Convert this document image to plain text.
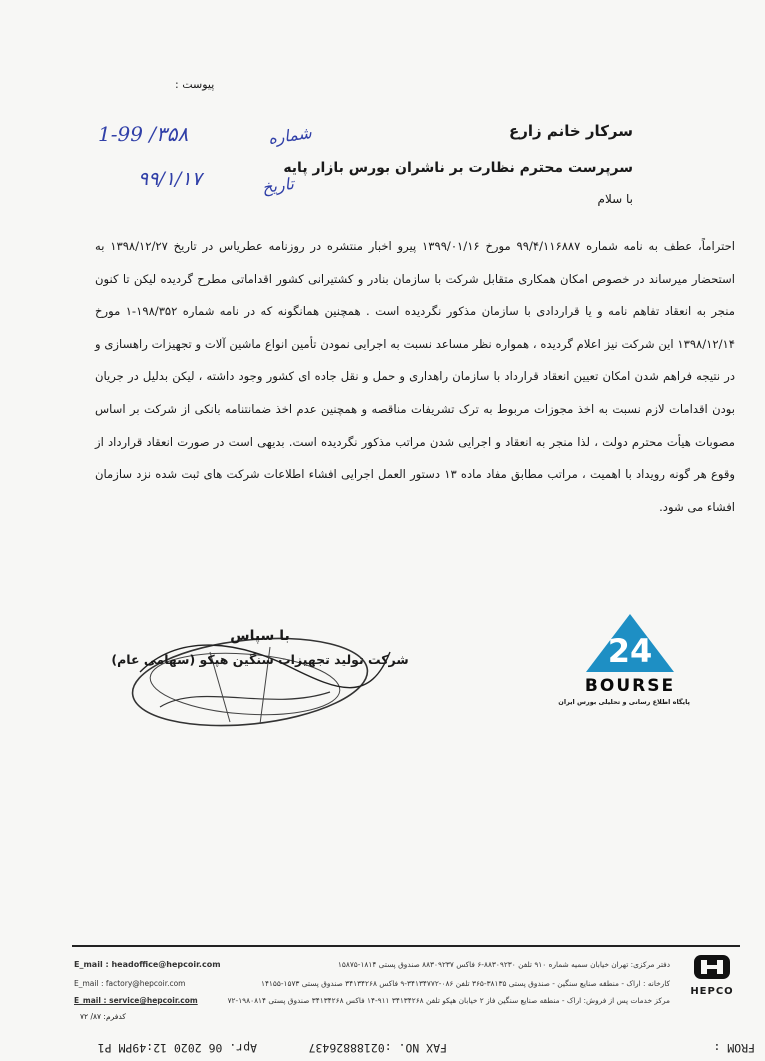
پیوست :
1-99 /۳۵۸	شماره
۹۹/۱/۱۷	تاریخ
سرکار خانم زارع
سرپرست محترم نظارت بر ناشران بورس بازار پایه
با سلام
احتراماً، عطف به نامه شماره ۹۹/۴/۱۱۶۸۸۷ مورخ ۱۳۹۹/۰۱/۱۶ پیرو اخبار منتشره در روزنامه عطریاس در تاریخ ۱۳۹۸/۱۲/۲۷ به استحضار میرساند در خصوص امکان همکاری متقابل شرکت با سازمان بنادر و کشتیرانی کشور اقداماتی مطرح گردیده لیکن تا کنون منجر به انعقاد تفاهم نامه و یا قراردادی با سازمان مذکور نگردیده است . همچنین همانگونه که در نامه شماره ۱۹۸/۳۵۲-۱ مورخ ۱۳۹۸/۱۲/۱۴ این شرکت نیز اعلام گردیده ، همواره نظر مساعد نسبت به اجرایی نمودن تأمین انواع ماشین آلات و تجهیزات راهسازی و در نتیجه فراهم شدن امکان تعیین انعقاد قرارداد با سازمان راهداری و حمل و نقل جاده ای کشور وجود داشته ، لیکن بدلیل در جریان بودن اقدامات لازم نسبت به اخذ مجوزات مربوط به ترک تشریفات مناقصه و همچنین عدم اخذ ضمانتنامه بانکی از شرکت بر اساس مصوبات هیأت محترم دولت ، لذا منجر به انعقاد و اجرایی شدن مراتب مذکور نگردیده است. بدیهی است در صورت انعقاد قرارداد از وقوع هر گونه رویداد با اهمیت ، مراتب مطابق مفاد ماده ۱۳ دستور العمل اجرایی افشاء اطلاعات شرکت های ثبت شده نزد سازمان افشاء می شود.
با سپاس
شرکت تولید تجهیزات سنگین هپکو (سهامی عام)	24
BOURSE
پایگاه اطلاع رسانی و تحلیلی بورس ایران
E_mail : headoffice@hepcoir.com	دفتر مرکزی: تهران خیابان سمیه شماره ۹۱۰ تلفن ۸۸۳۰۹۲۳۰-۶ فاکس ۸۸۳۰۹۲۳۷ صندوق پستی ۱۸۱۴-۱۵۸۷۵
E_mail : factory@hepcoir.com	کارخانه : اراک - منطقه صنایع سنگین - صندوق پستی ۳۸۱۳۵-۳۶۵ تلفن ۰۸۶-۳۴۱۳۴۷۷۲-۹ فاکس ۳۴۱۳۴۲۶۸ صندوق پستی ۱۵۷۳-۱۴۱۵۵
E_mail : service@hepcoir.com	مرکز خدمات پس از فروش: اراک - منطقه صنایع سنگین فاز ۲ خیابان هپکو تلفن ۳۴۱۳۴۲۶۸ ۹۱۱-۱۴ فاکس ۳۴۱۳۴۲۶۸ صندوق پستی ۱۹۸۰۸۱۴-۷۲
کدفرم: ۸۷/ ۷۲
HEPCO
FROM :
FAX NO. :02188826437
Apr. 06 2020 12:49PM P1
